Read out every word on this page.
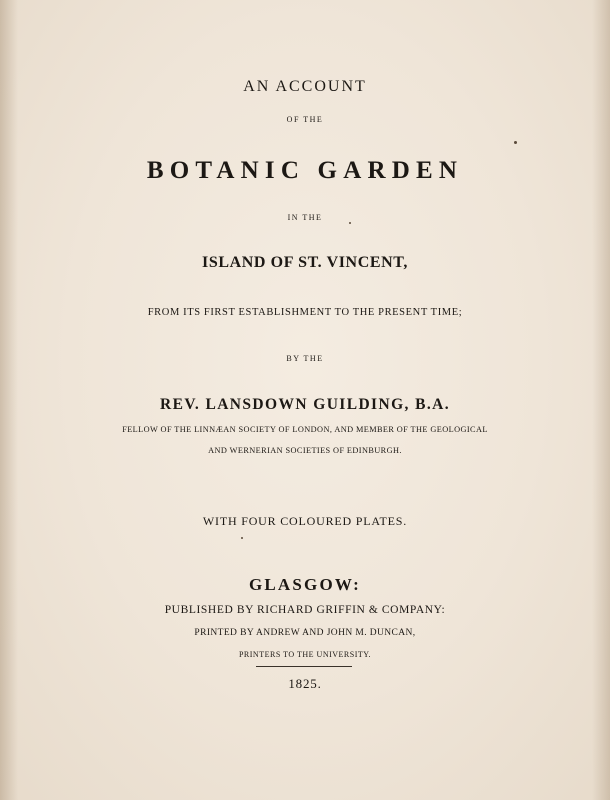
AN ACCOUNT
OF THE
BOTANIC GARDEN
IN THE
ISLAND OF ST. VINCENT,
FROM ITS FIRST ESTABLISHMENT TO THE PRESENT TIME;
BY THE
REV. LANSDOWN GUILDING, B.A.
FELLOW OF THE LINNÆAN SOCIETY OF LONDON, AND MEMBER OF THE GEOLOGICAL
AND WERNERIAN SOCIETIES OF EDINBURGH.
WITH FOUR COLOURED PLATES.
GLASGOW:
PUBLISHED BY RICHARD GRIFFIN & COMPANY:
PRINTED BY ANDREW AND JOHN M. DUNCAN,
PRINTERS TO THE UNIVERSITY.
1825.
